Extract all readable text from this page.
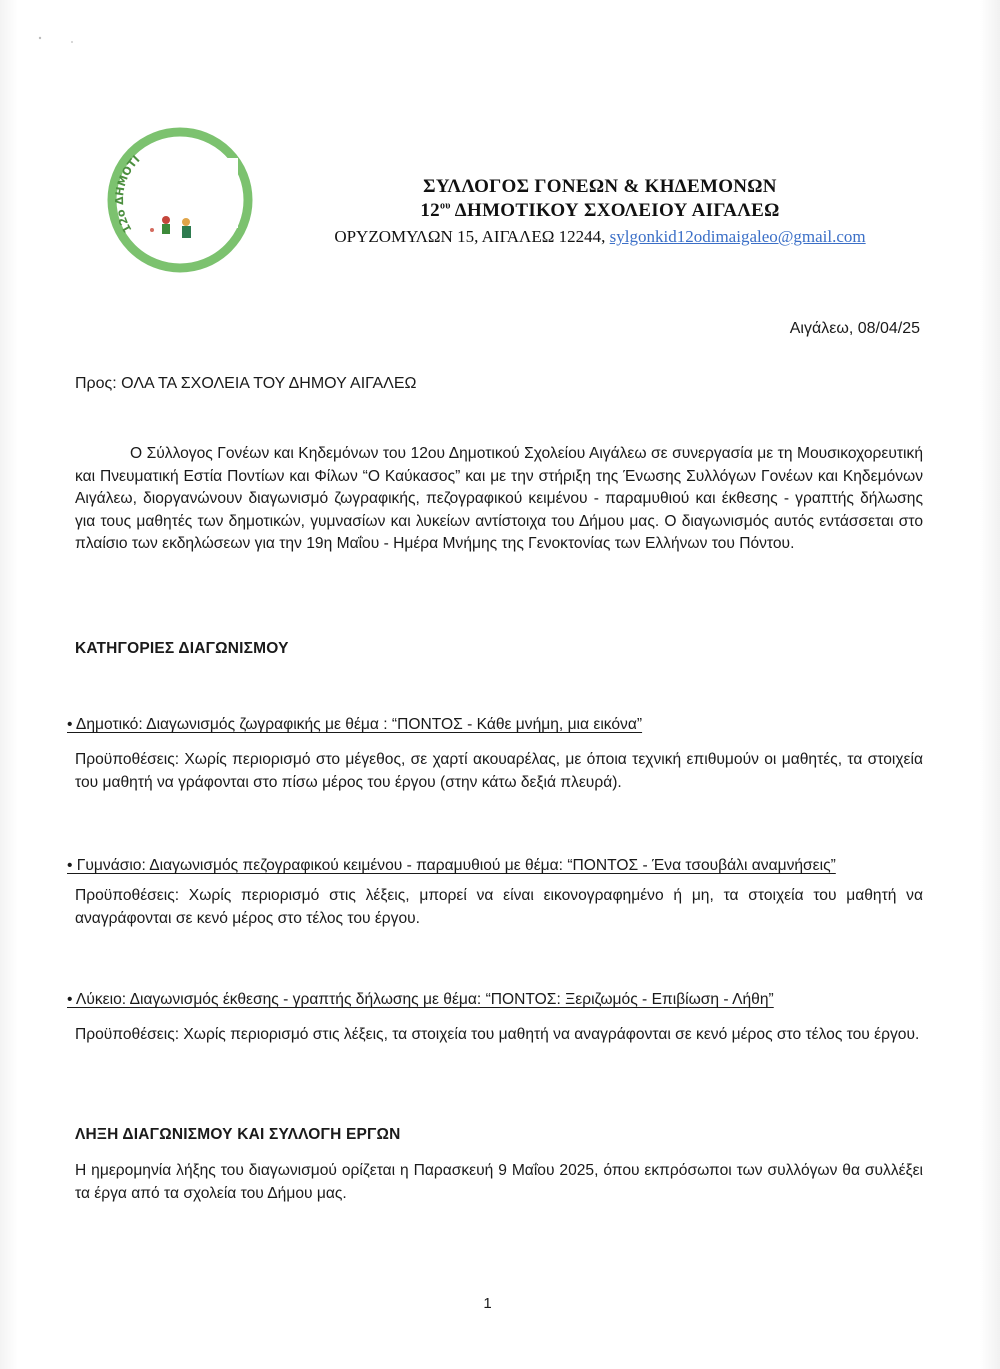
12ο ΔΗΜΟΤΙ
ΣΥΛΛΟΓΟΣ ΓΟΝΕΩΝ & ΚΗΔΕΜΟΝΩΝ
$12^{o\upsilon}$ ΔΗΜΟΤΙΚΟΥ ΣΧΟΛΕΙΟΥ ΑΙΓΑΛΕΩ
ΟΡΥΖΟΜΥΛΩΝ 15, ΑΙΓΑΛΕΩ 12244, sylgonkid12odimaigaleo@gmail.com
Αιγάλεω, 08/04/25
Προς: ΟΛΑ ΤΑ ΣΧΟΛΕΙΑ ΤΟΥ ΔΗΜΟΥ ΑΙΓΑΛΕΩ
Ο Σύλλογος Γονέων και Κηδεμόνων του 12ου Δημοτικού Σχολείου Αιγάλεω σε συνεργασία με τη Μουσικοχορευτική και Πνευματική Εστία Ποντίων και Φίλων “Ο Καύκασος” και με την στήριξη της Ένωσης Συλλόγων Γονέων και Κηδεμόνων Αιγάλεω, διοργανώνουν διαγωνισμό ζωγραφικής, πεζογραφικού κειμένου - παραμυθιού και έκθεσης - γραπτής δήλωσης για τους μαθητές των δημοτικών, γυμνασίων και λυκείων αντίστοιχα του Δήμου μας. Ο διαγωνισμός αυτός εντάσσεται στο πλαίσιο των εκδηλώσεων για την 19η Μαΐου - Ημέρα Μνήμης της Γενοκτονίας των Ελλήνων του Πόντου.
ΚΑΤΗΓΟΡΙΕΣ ΔΙΑΓΩΝΙΣΜΟΥ
• Δημοτικό: Διαγωνισμός ζωγραφικής με θέμα : “ΠΟΝΤΟΣ - Κάθε μνήμη, μια εικόνα”
Προϋποθέσεις: Χωρίς περιορισμό στο μέγεθος, σε χαρτί ακουαρέλας, με όποια τεχνική επιθυμούν οι μαθητές, τα στοιχεία του μαθητή να γράφονται στο πίσω μέρος του έργου (στην κάτω δεξιά πλευρά).
• Γυμνάσιο: Διαγωνισμός πεζογραφικού κειμένου - παραμυθιού με θέμα: “ΠΟΝΤΟΣ - Ένα τσουβάλι αναμνήσεις”
Προϋποθέσεις: Χωρίς περιορισμό στις λέξεις, μπορεί να είναι εικονογραφημένο ή μη, τα στοιχεία του μαθητή να αναγράφονται σε κενό μέρος στο τέλος του έργου.
• Λύκειο: Διαγωνισμός έκθεσης - γραπτής δήλωσης με θέμα: “ΠΟΝΤΟΣ: Ξεριζωμός - Επιβίωση - Λήθη”
Προϋποθέσεις: Χωρίς περιορισμό στις λέξεις, τα στοιχεία του μαθητή να αναγράφονται σε κενό μέρος στο τέλος του έργου.
ΛΗΞΗ ΔΙΑΓΩΝΙΣΜΟΥ ΚΑΙ ΣΥΛΛΟΓΗ ΕΡΓΩΝ
Η ημερομηνία λήξης του διαγωνισμού ορίζεται η Παρασκευή 9 Μαΐου 2025, όπου εκπρόσωποι των συλλόγων θα συλλέξει τα έργα από τα σχολεία του Δήμου μας.
1
